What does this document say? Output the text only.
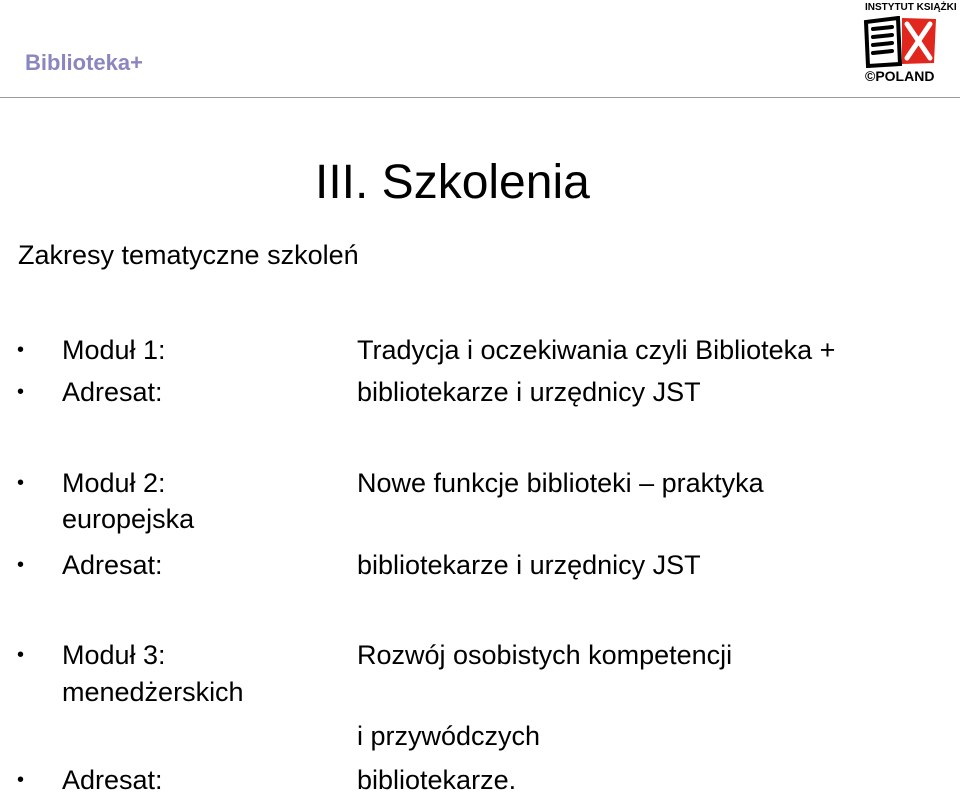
Biblioteka+
INSTYTUT KSIĄŻKI
©POLAND
III. Szkolenia
Zakresy tematyczne szkoleń
• Moduł 1:	Tradycja i oczekiwania czyli Biblioteka +
• Adresat:	bibliotekarze i urzędnicy JST
• Moduł 2:	Nowe funkcje biblioteki – praktyka
europejska
• Adresat:	bibliotekarze i urzędnicy JST
• Moduł 3:	Rozwój osobistych kompetencji
menedżerskich
i przywódczych
• Adresat:	bibliotekarze.
